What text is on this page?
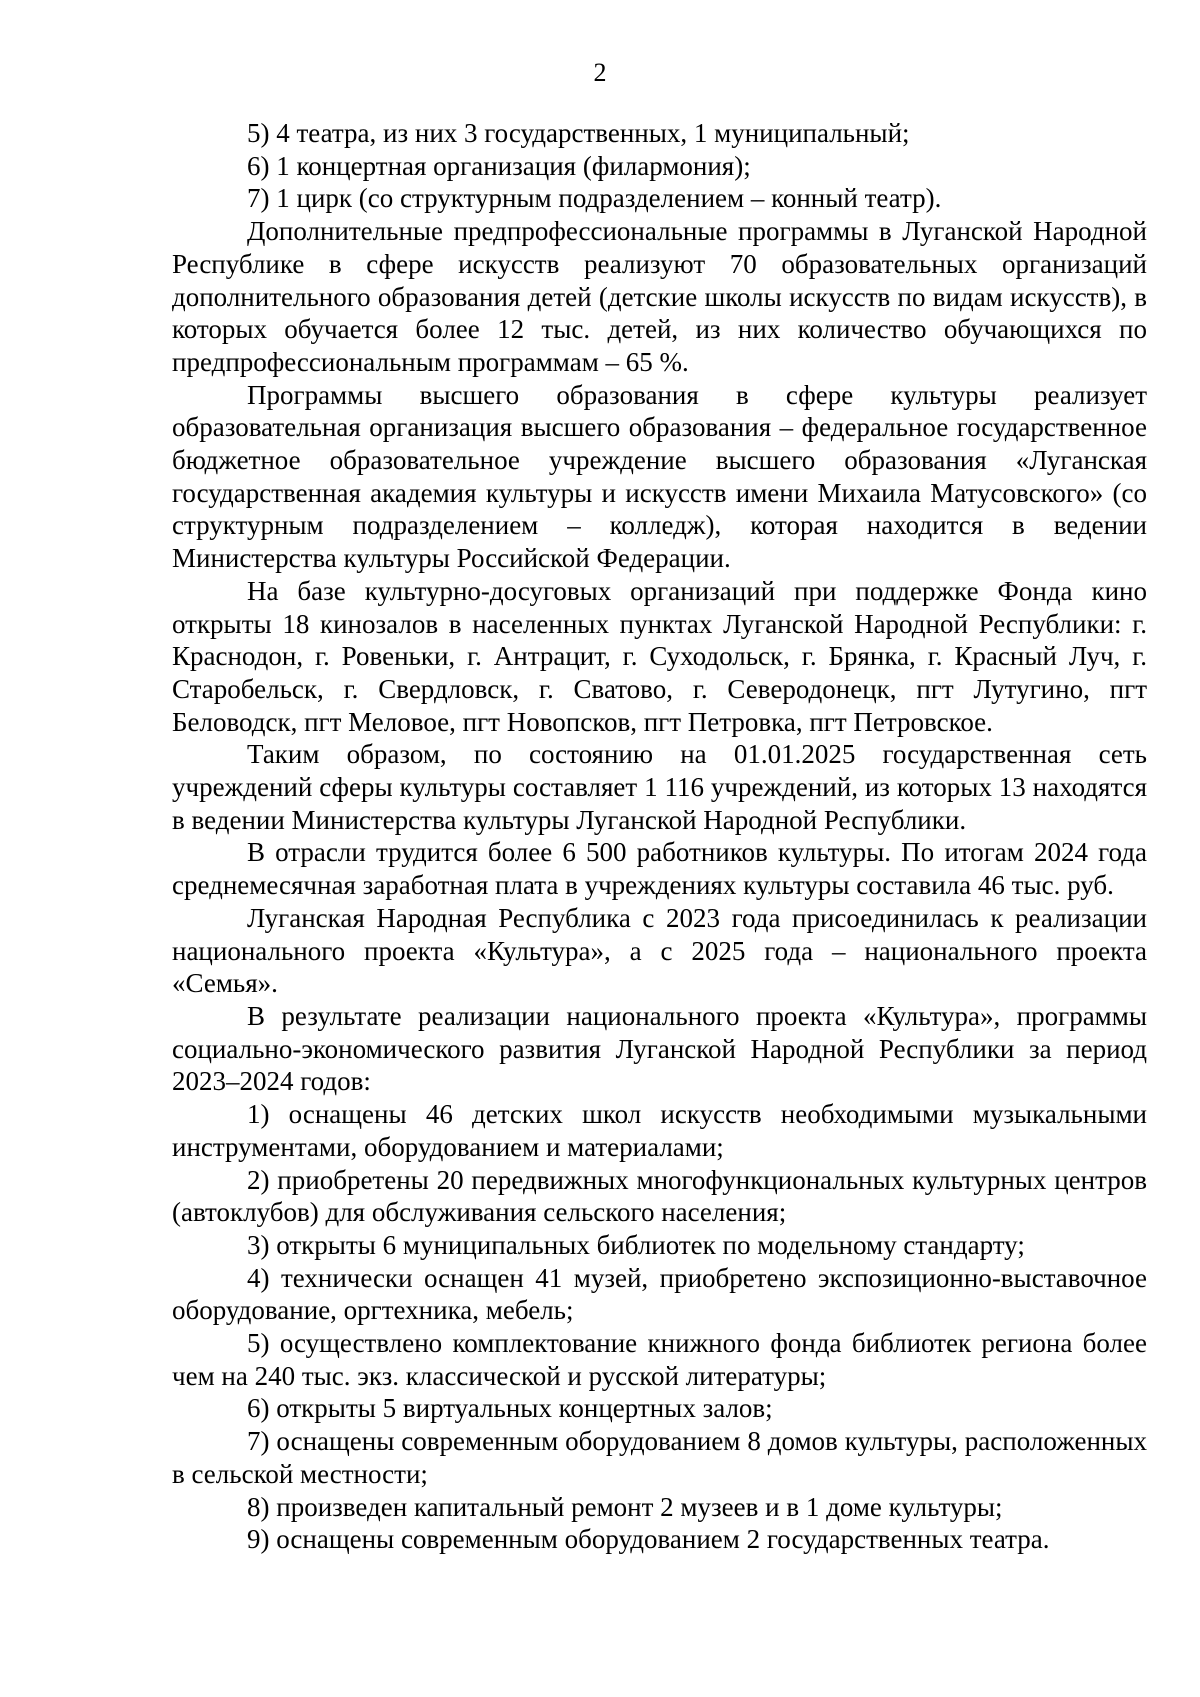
2

5) 4 театра, из них 3 государственных, 1 муниципальный;

6) 1 концертная организация (филармония);

7) 1 цирк (со структурным подразделением – конный театр).

Дополнительные предпрофессиональные программы в Луганской Народной Республике в сфере искусств реализуют 70 образовательных организаций дополнительного образования детей (детские школы искусств по видам искусств), в которых обучается более 12 тыс. детей, из них количество обучающихся по предпрофессиональным программам – 65 %.

Программы высшего образования в сфере культуры реализует образовательная организация высшего образования – федеральное государственное бюджетное образовательное учреждение высшего образования «Луганская государственная академия культуры и искусств имени Михаила Матусовского» (со структурным подразделением – колледж), которая находится в ведении Министерства культуры Российской Федерации.

На базе культурно-досуговых организаций при поддержке Фонда кино открыты 18 кинозалов в населенных пунктах Луганской Народной Республики: г. Краснодон, г. Ровеньки, г. Антрацит, г. Суходольск, г. Брянка, г. Красный Луч, г. Старобельск, г. Свердловск, г. Сватово, г. Северодонецк, пгт Лутугино, пгт Беловодск, пгт Меловое, пгт Новопсков, пгт Петровка, пгт Петровское.

Таким образом, по состоянию на 01.01.2025 государственная сеть учреждений сферы культуры составляет 1 116 учреждений, из которых 13 находятся в ведении Министерства культуры Луганской Народной Республики.

В отрасли трудится более 6 500 работников культуры. По итогам 2024 года среднемесячная заработная плата в учреждениях культуры составила 46 тыс. руб.

Луганская Народная Республика с 2023 года присоединилась к реализации национального проекта «Культура», а с 2025 года – национального проекта «Семья».

В результате реализации национального проекта «Культура», программы социально-экономического развития Луганской Народной Республики за период 2023–2024 годов:

1) оснащены 46 детских школ искусств необходимыми музыкальными инструментами, оборудованием и материалами;

2) приобретены 20 передвижных многофункциональных культурных центров (автоклубов) для обслуживания сельского населения;

3) открыты 6 муниципальных библиотек по модельному стандарту;

4) технически оснащен 41 музей, приобретено экспозиционно-выставочное оборудование, оргтехника, мебель;

5) осуществлено комплектование книжного фонда библиотек региона более чем на 240 тыс. экз. классической и русской литературы;

6) открыты 5 виртуальных концертных залов;

7) оснащены современным оборудованием 8 домов культуры, расположенных в сельской местности;

8) произведен капитальный ремонт 2 музеев и в 1 доме культуры;

9) оснащены современным оборудованием 2 государственных театра.
